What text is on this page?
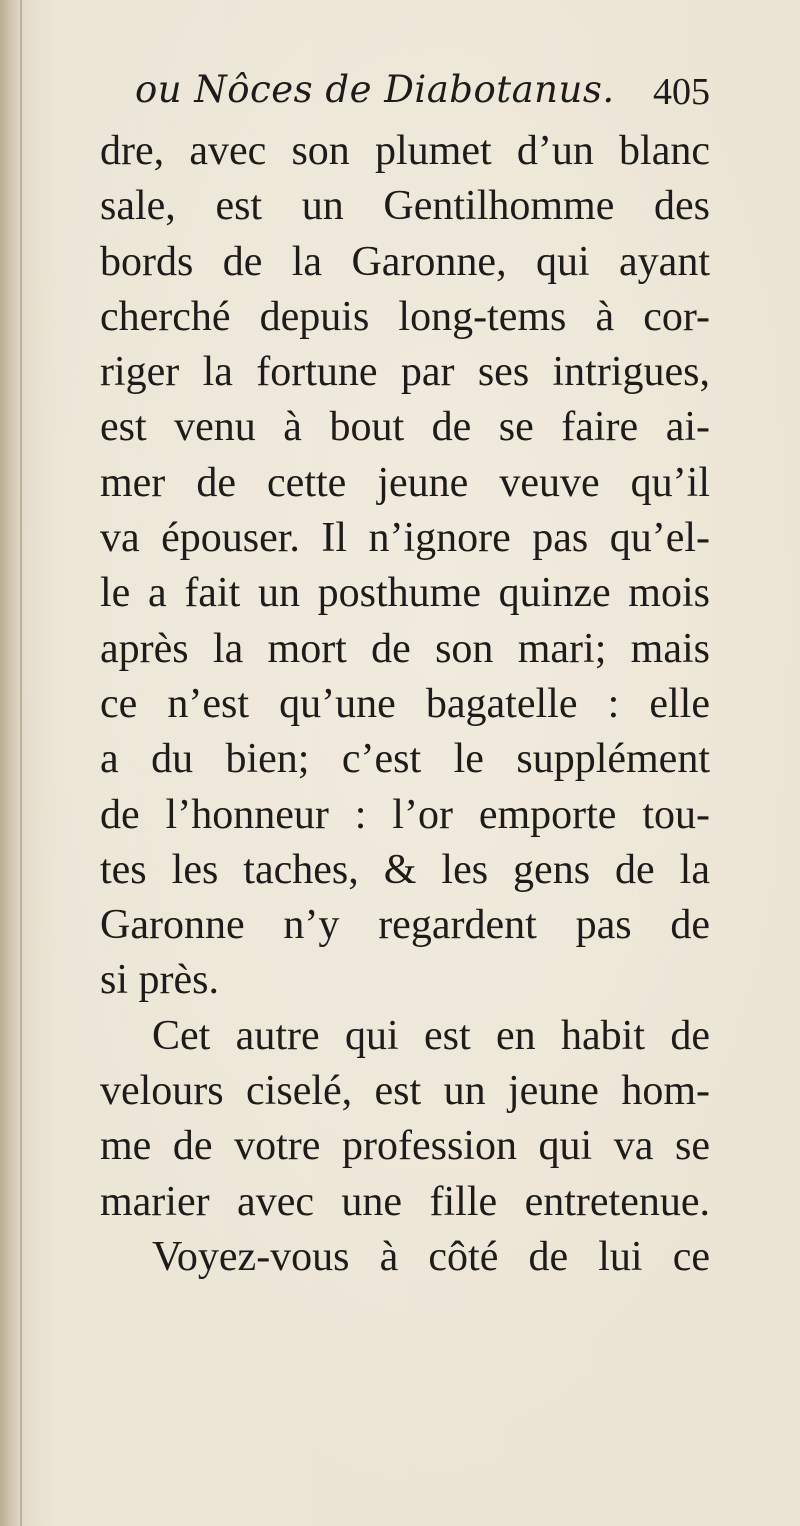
ou Nôces de Diabotanus. 405
dre, avec son plumet d’un blanc
sale, est un Gentilhomme des
bords de la Garonne, qui ayant
cherché depuis long-tems à cor-
riger la fortune par ses intrigues,
est venu à bout de se faire ai-
mer de cette jeune veuve qu’il
va épouser. Il n’ignore pas qu’el-
le a fait un posthume quinze mois
après la mort de son mari; mais
ce n’est qu’une bagatelle : elle
a du bien; c’est le supplément
de l’honneur : l’or emporte tou-
tes les taches, & les gens de la
Garonne n’y regardent pas de
si près.
Cet autre qui est en habit de
velours ciselé, est un jeune hom-
me de votre profession qui va se
marier avec une fille entretenue.
Voyez-vous à côté de lui ce
